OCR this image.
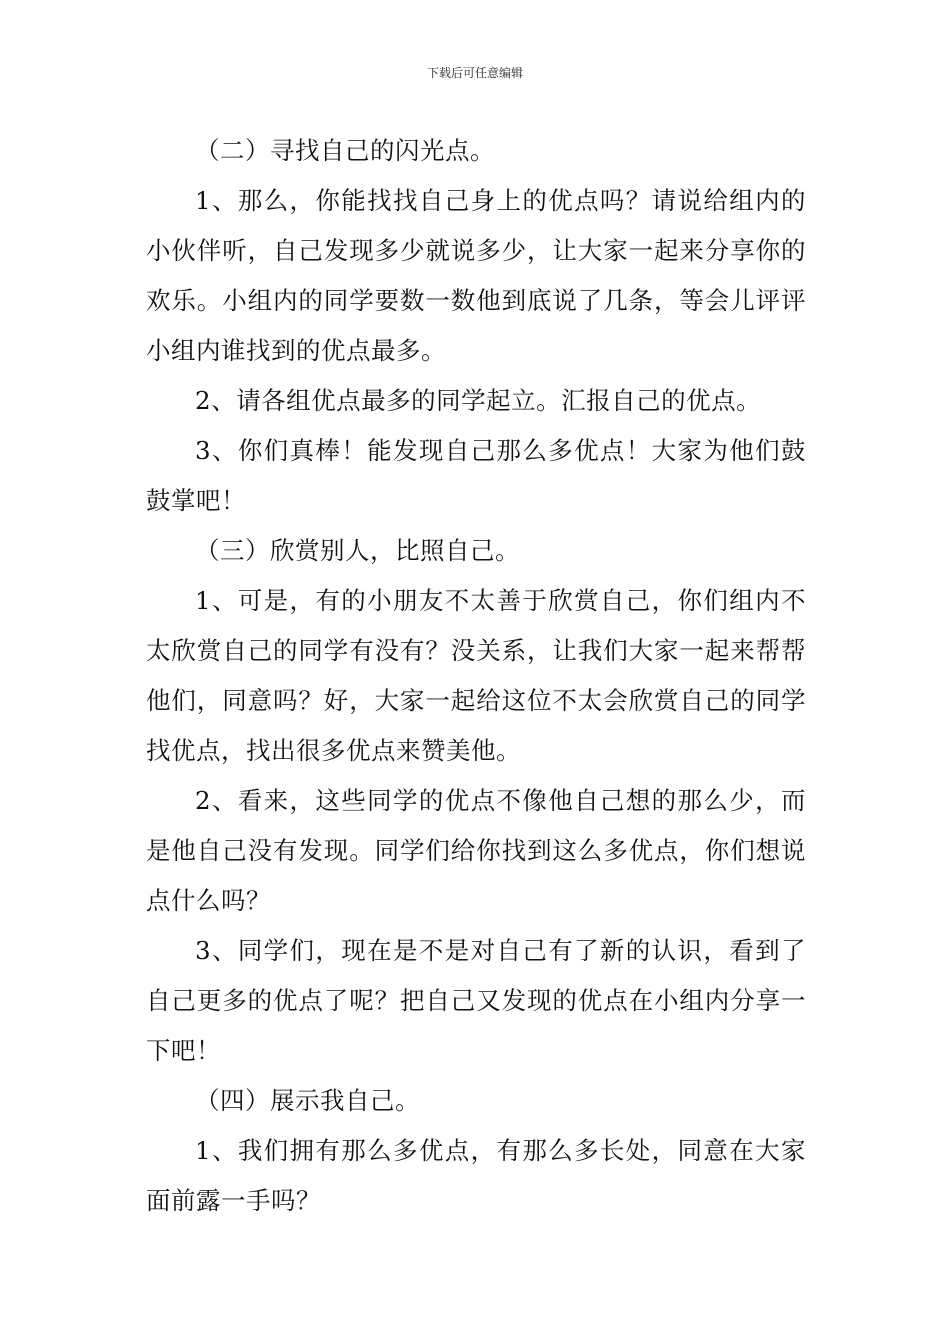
下载后可任意编辑

（二）寻找自己的闪光点。

1、那么，你能找找自己身上的优点吗？请说给组内的小伙伴听，自己发现多少就说多少，让大家一起来分享你的欢乐。小组内的同学要数一数他到底说了几条，等会儿评评小组内谁找到的优点最多。

2、请各组优点最多的同学起立。汇报自己的优点。

3、你们真棒！能发现自己那么多优点！大家为他们鼓鼓掌吧！

（三）欣赏别人，比照自己。

1、可是，有的小朋友不太善于欣赏自己，你们组内不太欣赏自己的同学有没有？没关系，让我们大家一起来帮帮他们，同意吗？好，大家一起给这位不太会欣赏自己的同学找优点，找出很多优点来赞美他。

2、看来，这些同学的优点不像他自己想的那么少，而是他自己没有发现。同学们给你找到这么多优点，你们想说点什么吗？

3、同学们，现在是不是对自己有了新的认识，看到了自己更多的优点了呢？把自己又发现的优点在小组内分享一下吧！

（四）展示我自己。

1、我们拥有那么多优点，有那么多长处，同意在大家面前露一手吗？
